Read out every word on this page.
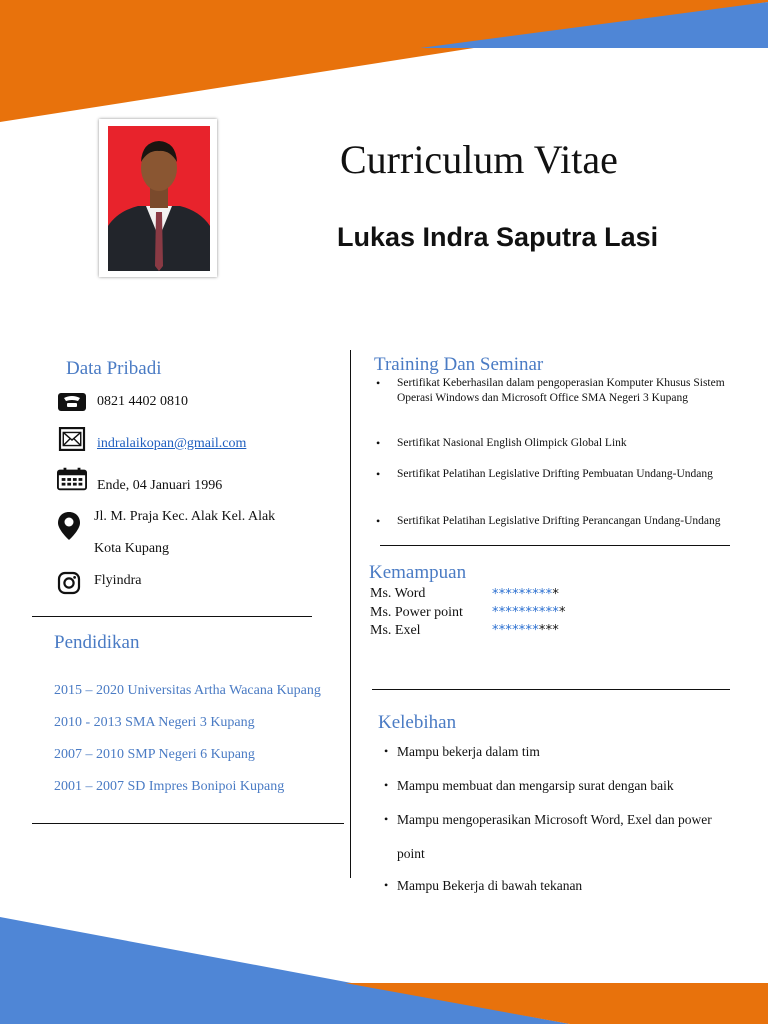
Curriculum Vitae
Lukas Indra Saputra Lasi
Data Pribadi
0821 4402 0810
indralaikopan@gmail.com
Ende, 04 Januari 1996
Jl. M. Praja Kec. Alak Kel. Alak
Kota Kupang
Flyindra
Pendidikan
2015 – 2020 Universitas Artha Wacana Kupang
2010 - 2013 SMA Negeri 3 Kupang
2007 – 2010 SMP Negeri 6 Kupang
2001 – 2007 SD Impres Bonipoi Kupang
Training Dan Seminar
• Sertifikat Keberhasilan dalam pengoperasian Komputer Khusus Sistem Operasi Windows dan Microsoft Office SMA Negeri 3 Kupang
• Sertifikat Nasional English Olimpick Global Link
• Sertifikat Pelatihan Legislative Drifting Pembuatan Undang-Undang
• Sertifikat Pelatihan Legislative Drifting Perancangan Undang-Undang
Kemampuan
Ms. Word	**********
Ms. Power point ***********
Ms. Exel	**********
Kelebihan
• Mampu bekerja dalam tim
• Mampu membuat dan mengarsip surat dengan baik
• Mampu mengoperasikan Microsoft Word, Exel dan power
• Mampu Bekerja di bawah tekanan
point
